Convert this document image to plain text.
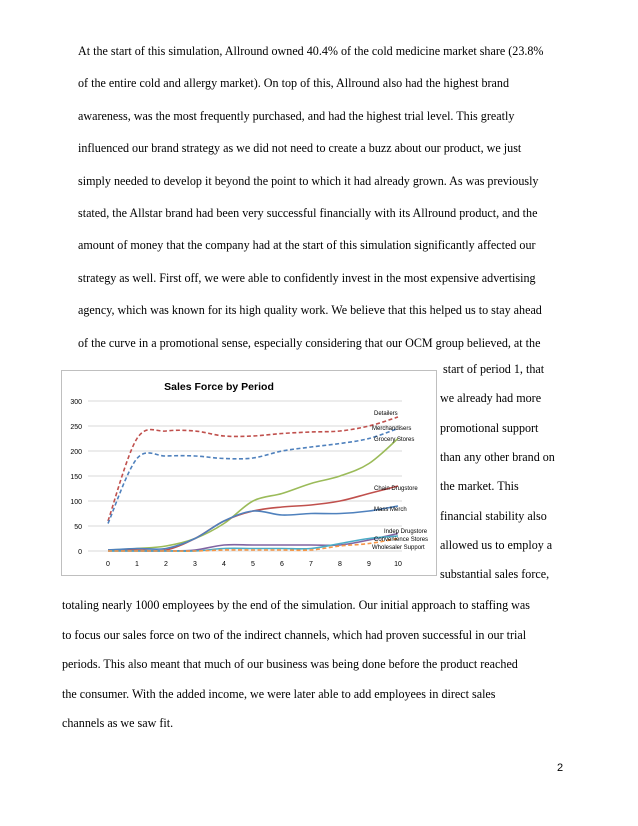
At the start of this simulation, Allround owned 40.4% of the cold medicine market share (23.8%
of the entire cold and allergy market). On top of this, Allround also had the highest brand
awareness, was the most frequently purchased, and had the highest trial level. This greatly
influenced our brand strategy as we did not need to create a buzz about our product, we just
simply needed to develop it beyond the point to which it had already grown. As was previously
stated, the Allstar brand had been very successful financially with its Allround product, and the
amount of money that the company had at the start of this simulation significantly affected our
strategy as well. First off, we were able to confidently invest in the most expensive advertising
agency, which was known for its high quality work. We believe that this helped us to stay ahead
of the curve in a promotional sense, especially considering that our OCM group believed, at the
start of period 1, that
we already had more
promotional support
than any other brand on
the market. This
financial stability also
allowed us to employ a
substantial sales force,
0
50
100
150
200
250
300
0	1	2	3	4	5	6	7	8	9	10
Sales Force by Period
Detailers
Merchandisers
Grocery Stores
Chain Drugstore
Mass Merch
Indep Drugstore
Convenience Stores
Wholesaler Support
totaling nearly 1000 employees by the end of the simulation. Our initial approach to staffing was
to focus our sales force on two of the indirect channels, which had proven successful in our trial
periods. This also meant that much of our business was being done before the product reached
the consumer. With the added income, we were later able to add employees in direct sales
channels as we saw fit.
2
